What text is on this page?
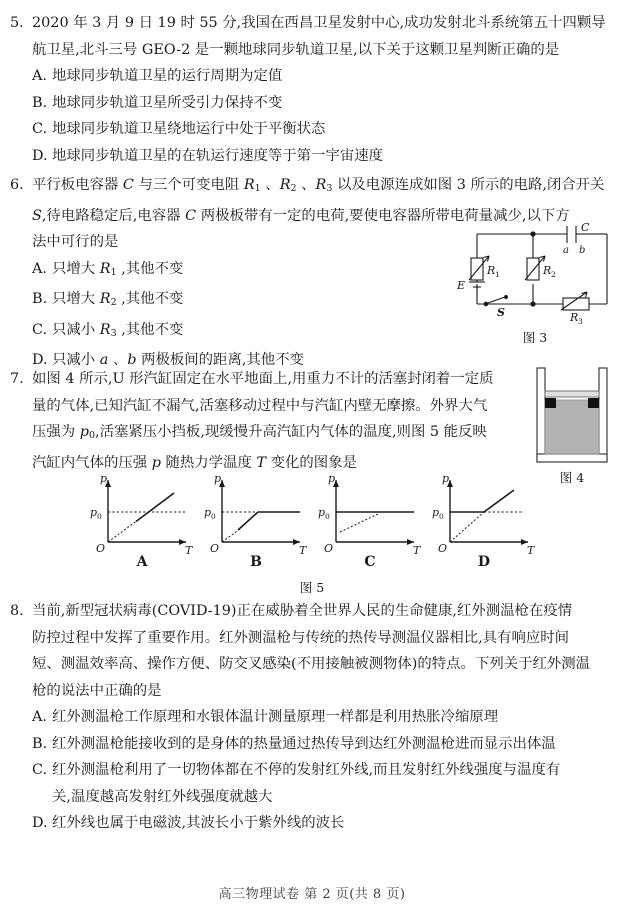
5. 2020 年 3 月 9 日 19 时 55 分,我国在西昌卫星发射中心,成功发射北斗系统第五十四颗导
航卫星,北斗三号 GEO-2 是一颗地球同步轨道卫星,以下关于这颗卫星判断正确的是
A. 地球同步轨道卫星的运行周期为定值
B. 地球同步轨道卫星所受引力保持不变
C. 地球同步轨道卫星绕地运行中处于平衡状态
D. 地球同步轨道卫星的在轨运行速度等于第一宇宙速度
6. 平行板电容器 C 与三个可变电阻 $R_1$ 、$R_2$ 、$R_3$ 以及电源连成如图 3 所示的电路,闭合开关
S,待电路稳定后,电容器 C 两极板带有一定的电荷,要使电容器所带电荷量减少,以下方
法中可行的是
A. 只增大 $R_1$ ,其他不变
B. 只增大 $R_2$ ,其他不变
C. 只减小 $R_3$ ,其他不变
D. 只减小 a 、b 两极板间的距离,其他不变
C
a b
R 1	R 2
R 3
E
S
图 3
7. 如图 4 所示,U 形汽缸固定在水平地面上,用重力不计的活塞封闭着一定质
量的气体,已知汽缸不漏气,活塞移动过程中与汽缸内壁无摩擦。外界大气
压强为 $p_0$,活塞紧压小挡板,现缓慢升高汽缸内气体的温度,则图 5 能反映
汽缸内气体的压强 p 随热力学温度 T 变化的图象是
图 4
p
p 0
O	T
A
p
p 0
O	T
B
p
p 0
O	T
C
p
p 0
O	T
D
图 5
8. 当前,新型冠状病毒(COVID-19)正在威胁着全世界人民的生命健康,红外测温枪在疫情
防控过程中发挥了重要作用。红外测温枪与传统的热传导测温仪器相比,具有响应时间
短、测温效率高、操作方便、防交叉感染(不用接触被测物体)的特点。下列关于红外测温
枪的说法中正确的是
A. 红外测温枪工作原理和水银体温计测量原理一样都是利用热胀冷缩原理
B. 红外测温枪能接收到的是身体的热量通过热传导到达红外测温枪进而显示出体温
C. 红外测温枪利用了一切物体都在不停的发射红外线,而且发射红外线强度与温度有
关,温度越高发射红外线强度就越大
D. 红外线也属于电磁波,其波长小于紫外线的波长
高三物理试卷 第 2 页(共 8 页)
